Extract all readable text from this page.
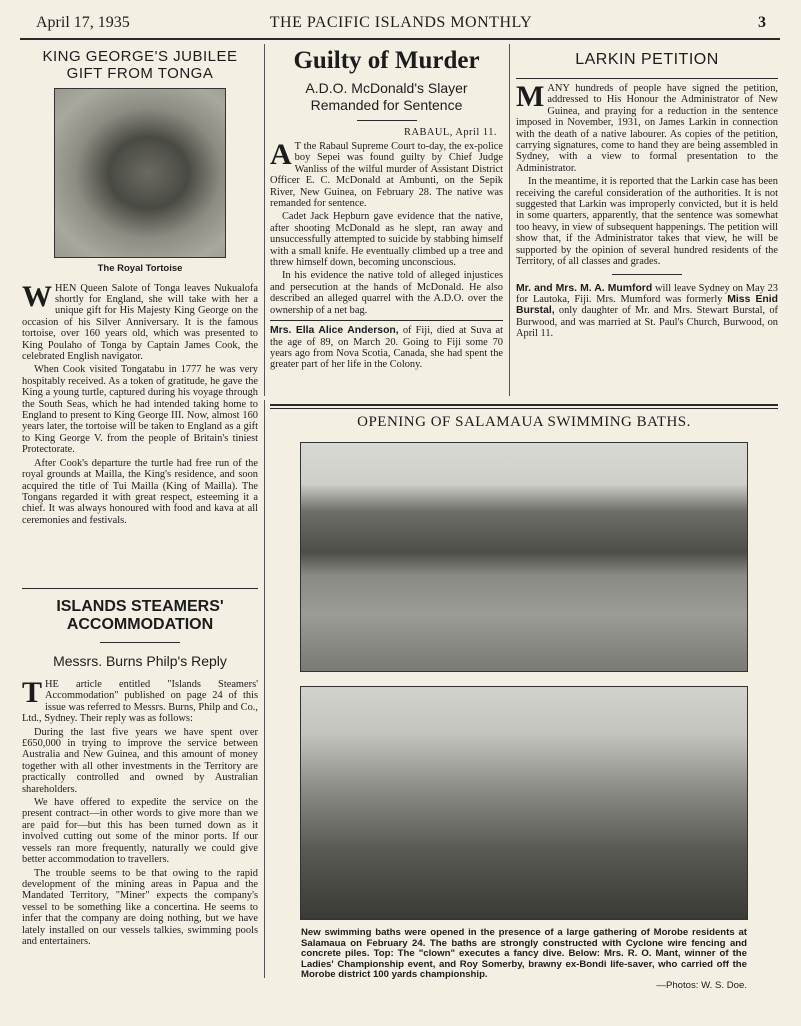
April 17, 1935	THE PACIFIC ISLANDS MONTHLY	3
KING GEORGE'S JUBILEE GIFT FROM TONGA
The Royal Tortoise

WHEN Queen Salote of Tonga leaves Nukualofa shortly for England, she will take with her a unique gift for His Majesty King George on the occasion of his Silver Anniversary. It is the famous tortoise, over 160 years old, which was presented to King Poulaho of Tonga by Captain James Cook, the celebrated English navigator.

When Cook visited Tongatabu in 1777 he was very hospitably received. As a token of gratitude, he gave the King a young turtle, captured during his voyage through the South Seas, which he had intended taking home to England to present to King George III. Now, almost 160 years later, the tortoise will be taken to England as a gift to King George V. from the people of Britain's tiniest Protectorate.

After Cook's departure the turtle had free run of the royal grounds at Mailla, the King's residence, and soon acquired the title of Tui Mailla (King of Mailla). The Tongans regarded it with great respect, esteeming it a chief. It was always honoured with food and kava at all ceremonies and festivals.

ISLANDS STEAMERS' ACCOMMODATION
Messrs. Burns Philp's Reply

THE article entitled "Islands Steamers' Accommodation" published on page 24 of this issue was referred to Messrs. Burns, Philp and Co., Ltd., Sydney. Their reply was as follows:

During the last five years we have spent over £650,000 in trying to improve the service between Australia and New Guinea, and this amount of money together with all other investments in the Territory are practically controlled and owned by Australian shareholders.

We have offered to expedite the service on the present contract—in other words to give more than we are paid for—but this has been turned down as it involved cutting out some of the minor ports. If our vessels ran more frequently, naturally we could give better accommodation to travellers.

The trouble seems to be that owing to the rapid development of the mining areas in Papua and the Mandated Territory, "Miner" expects the company's vessel to be something like a concertina. He seems to infer that the company are doing nothing, but we have lately installed on our vessels talkies, swimming pools and entertainers.

Guilty of Murder
A.D.O. McDonald's Slayer Remanded for Sentence
RABAUL, April 11.

A T the Rabaul Supreme Court to-day, the ex-police boy Sepei was found guilty by Chief Judge Wanliss of the wilful murder of Assistant District Officer E. C. McDonald at Ambunti, on the Sepik River, New Guinea, on February 28. The native was remanded for sentence.

Cadet Jack Hepburn gave evidence that the native, after shooting McDonald as he slept, ran away and unsuccessfully attempted to suicide by stabbing himself with a small knife. He eventually climbed up a tree and threw himself down, becoming unconscious.

In his evidence the native told of alleged injustices and persecution at the hands of McDonald. He also described an alleged quarrel with the A.D.O. over the ownership of a net bag.

Mrs. Ella Alice Anderson, of Fiji, died at Suva at the age of 89, on March 20. Going to Fiji some 70 years ago from Nova Scotia, Canada, she had spent the greater part of her life in the Colony.

LARKIN PETITION

MANY hundreds of people have signed the petition, addressed to His Honour the Administrator of New Guinea, and praying for a reduction in the sentence imposed in November, 1931, on James Larkin in connection with the death of a native labourer. As copies of the petition, carrying signatures, come to hand they are being assembled in Sydney, with a view to formal presentation to the Administrator.

In the meantime, it is reported that the Larkin case has been receiving the careful consideration of the authorities. It is not suggested that Larkin was improperly convicted, but it is held in some quarters, apparently, that the sentence was somewhat too heavy, in view of subsequent happenings. The petition will show that, if the Administrator takes that view, he will be supported by the opinion of several hundred residents of the Territory, of all classes and grades.

Mr. and Mrs. M. A. Mumford will leave Sydney on May 23 for Lautoka, Fiji. Mrs. Mumford was formerly Miss Enid Burstal, only daughter of Mr. and Mrs. Stewart Burstal, of Burwood, and was married at St. Paul's Church, Burwood, on April 11.

OPENING OF SALAMAUA SWIMMING BATHS.
New swimming baths were opened in the presence of a large gathering of Morobe residents at Salamaua on February 24. The baths are strongly constructed with Cyclone wire fencing and concrete piles. Top: The "clown" executes a fancy dive. Below: Mrs. R. O. Mant, winner of the Ladies' Championship event, and Roy Somerby, brawny ex-Bondi life-saver, who carried off the Morobe district 100 yards championship.
—Photos: W. S. Doe.
